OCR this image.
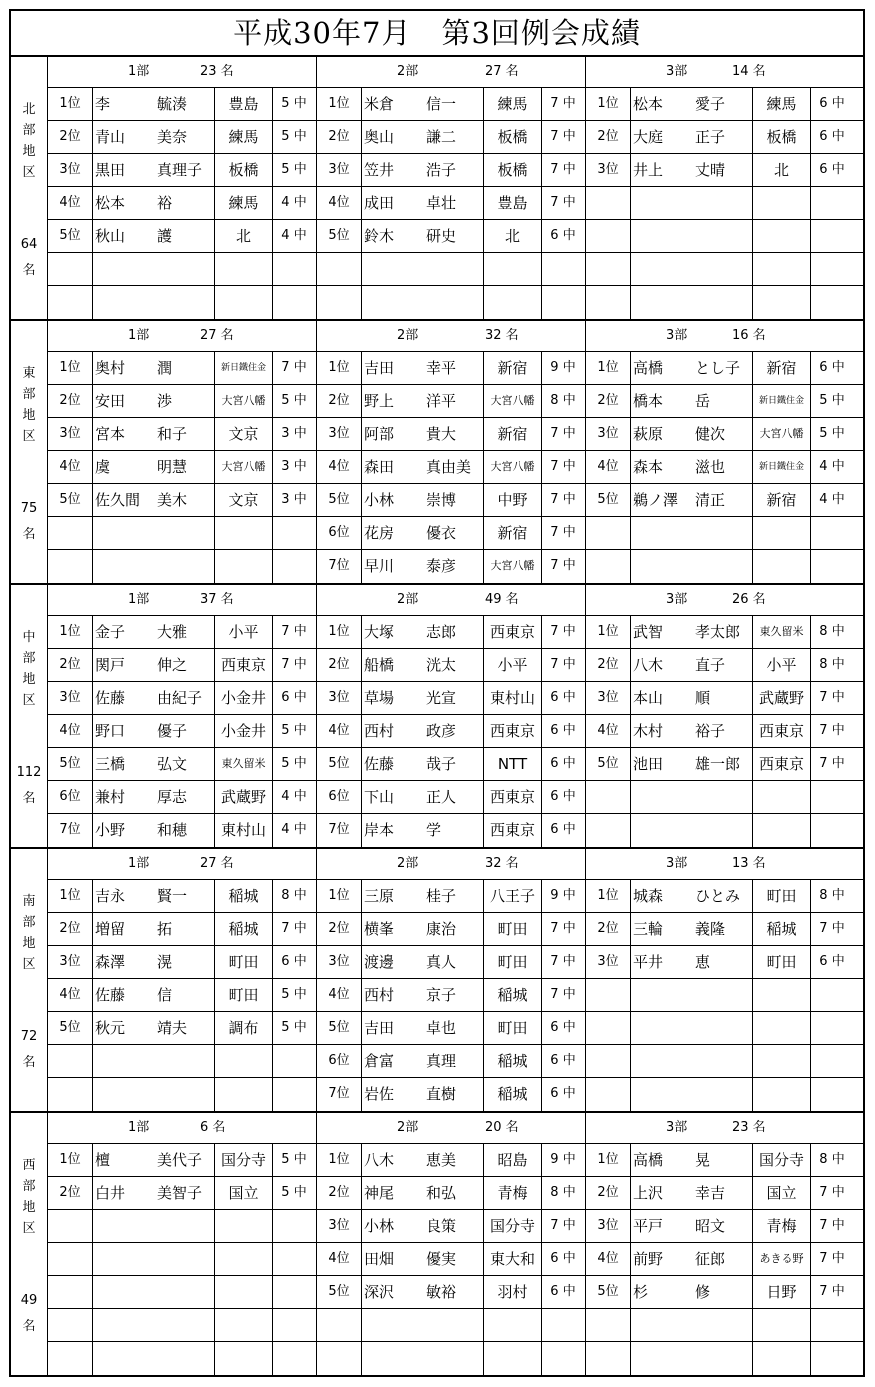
平成30年7月　第3回例会成績
北
部
地
区
64
名
1部	23 名
1位 李	毓湊	豊島	5 中
2位 青山	美奈	練馬	5 中
3位 黒田	真理子	板橋	5 中
4位 松本	裕	練馬	4 中
5位 秋山	護	北	4 中
2部	27 名
1位 米倉	信一	練馬	7 中
2位 奥山	謙二	板橋	7 中
3位 笠井	浩子	板橋	7 中
4位 成田	卓壮	豊島	7 中
5位 鈴木	研史	北	6 中
3部	14 名
1位 松本	愛子	練馬	6 中
2位 大庭	正子	板橋	6 中
3位 井上	丈晴	北	6 中
東
部
地
区
75
名
1部	27 名
1位 奥村	潤	新日鐵住金	7 中
2位 安田	渉	大宮八幡	5 中
3位 宮本	和子	文京	3 中
4位 虞	明慧	大宮八幡	3 中
5位 佐久間	美木	文京	3 中
2部	32 名
1位 吉田	幸平	新宿	9 中
2位 野上	洋平	大宮八幡	8 中
3位 阿部	貴大	新宿	7 中
4位 森田	真由美	大宮八幡	7 中
5位 小林	崇博	中野	7 中
6位 花房	優衣	新宿	7 中
7位 早川	泰彦	大宮八幡	7 中
3部	16 名
1位 高橋	とし子	新宿	6 中
2位 橋本	岳	新日鐵住金	5 中
3位 萩原	健次	大宮八幡	5 中
4位 森本	滋也	新日鐵住金	4 中
5位 鵜ノ澤	清正	新宿	4 中
中
部
地
区
112
名
1部	37 名
1位 金子	大雅	小平	7 中
2位 関戸	伸之	西東京	7 中
3位 佐藤	由紀子	小金井	6 中
4位 野口	優子	小金井	5 中
5位 三橋	弘文	東久留米	5 中
6位 兼村	厚志	武蔵野	4 中
7位 小野	和穂	東村山	4 中
2部	49 名
1位 大塚	志郎	西東京	7 中
2位 船橋	洸太	小平	7 中
3位 草場	光宣	東村山	6 中
4位 西村	政彦	西東京	6 中
5位 佐藤	哉子	NTT	6 中
6位 下山	正人	西東京	6 中
7位 岸本	学	西東京	6 中
3部	26 名
1位 武智	孝太郎	東久留米	8 中
2位 八木	直子	小平	8 中
3位 本山	順	武蔵野	7 中
4位 木村	裕子	西東京	7 中
5位 池田	雄一郎	西東京	7 中
南
部
地
区
72
名
1部	27 名
1位 吉永	賢一	稲城	8 中
2位 増留	拓	稲城	7 中
3位 森澤	滉	町田	6 中
4位 佐藤	信	町田	5 中
5位 秋元	靖夫	調布	5 中
2部	32 名
1位 三原	桂子	八王子	9 中
2位 横峯	康治	町田	7 中
3位 渡邊	真人	町田	7 中
4位 西村	京子	稲城	7 中
5位 吉田	卓也	町田	6 中
6位 倉富	真理	稲城	6 中
7位 岩佐	直樹	稲城	6 中
3部	13 名
1位 城森	ひとみ	町田	8 中
2位 三輪	義隆	稲城	7 中
3位 平井	恵	町田	6 中
西
部
地
区
49
名
1部	6 名
1位 檀	美代子	国分寺	5 中
2位 白井	美智子	国立	5 中
2部	20 名
1位 八木	恵美	昭島	9 中
2位 神尾	和弘	青梅	8 中
3位 小林	良策	国分寺	7 中
4位 田畑	優実	東大和	6 中
5位 深沢	敏裕	羽村	6 中
3部	23 名
1位 高橋	晃	国分寺	8 中
2位 上沢	幸吉	国立	7 中
3位 平戸	昭文	青梅	7 中
4位 前野	征郎	あきる野	7 中
5位 杉	修	日野	7 中
